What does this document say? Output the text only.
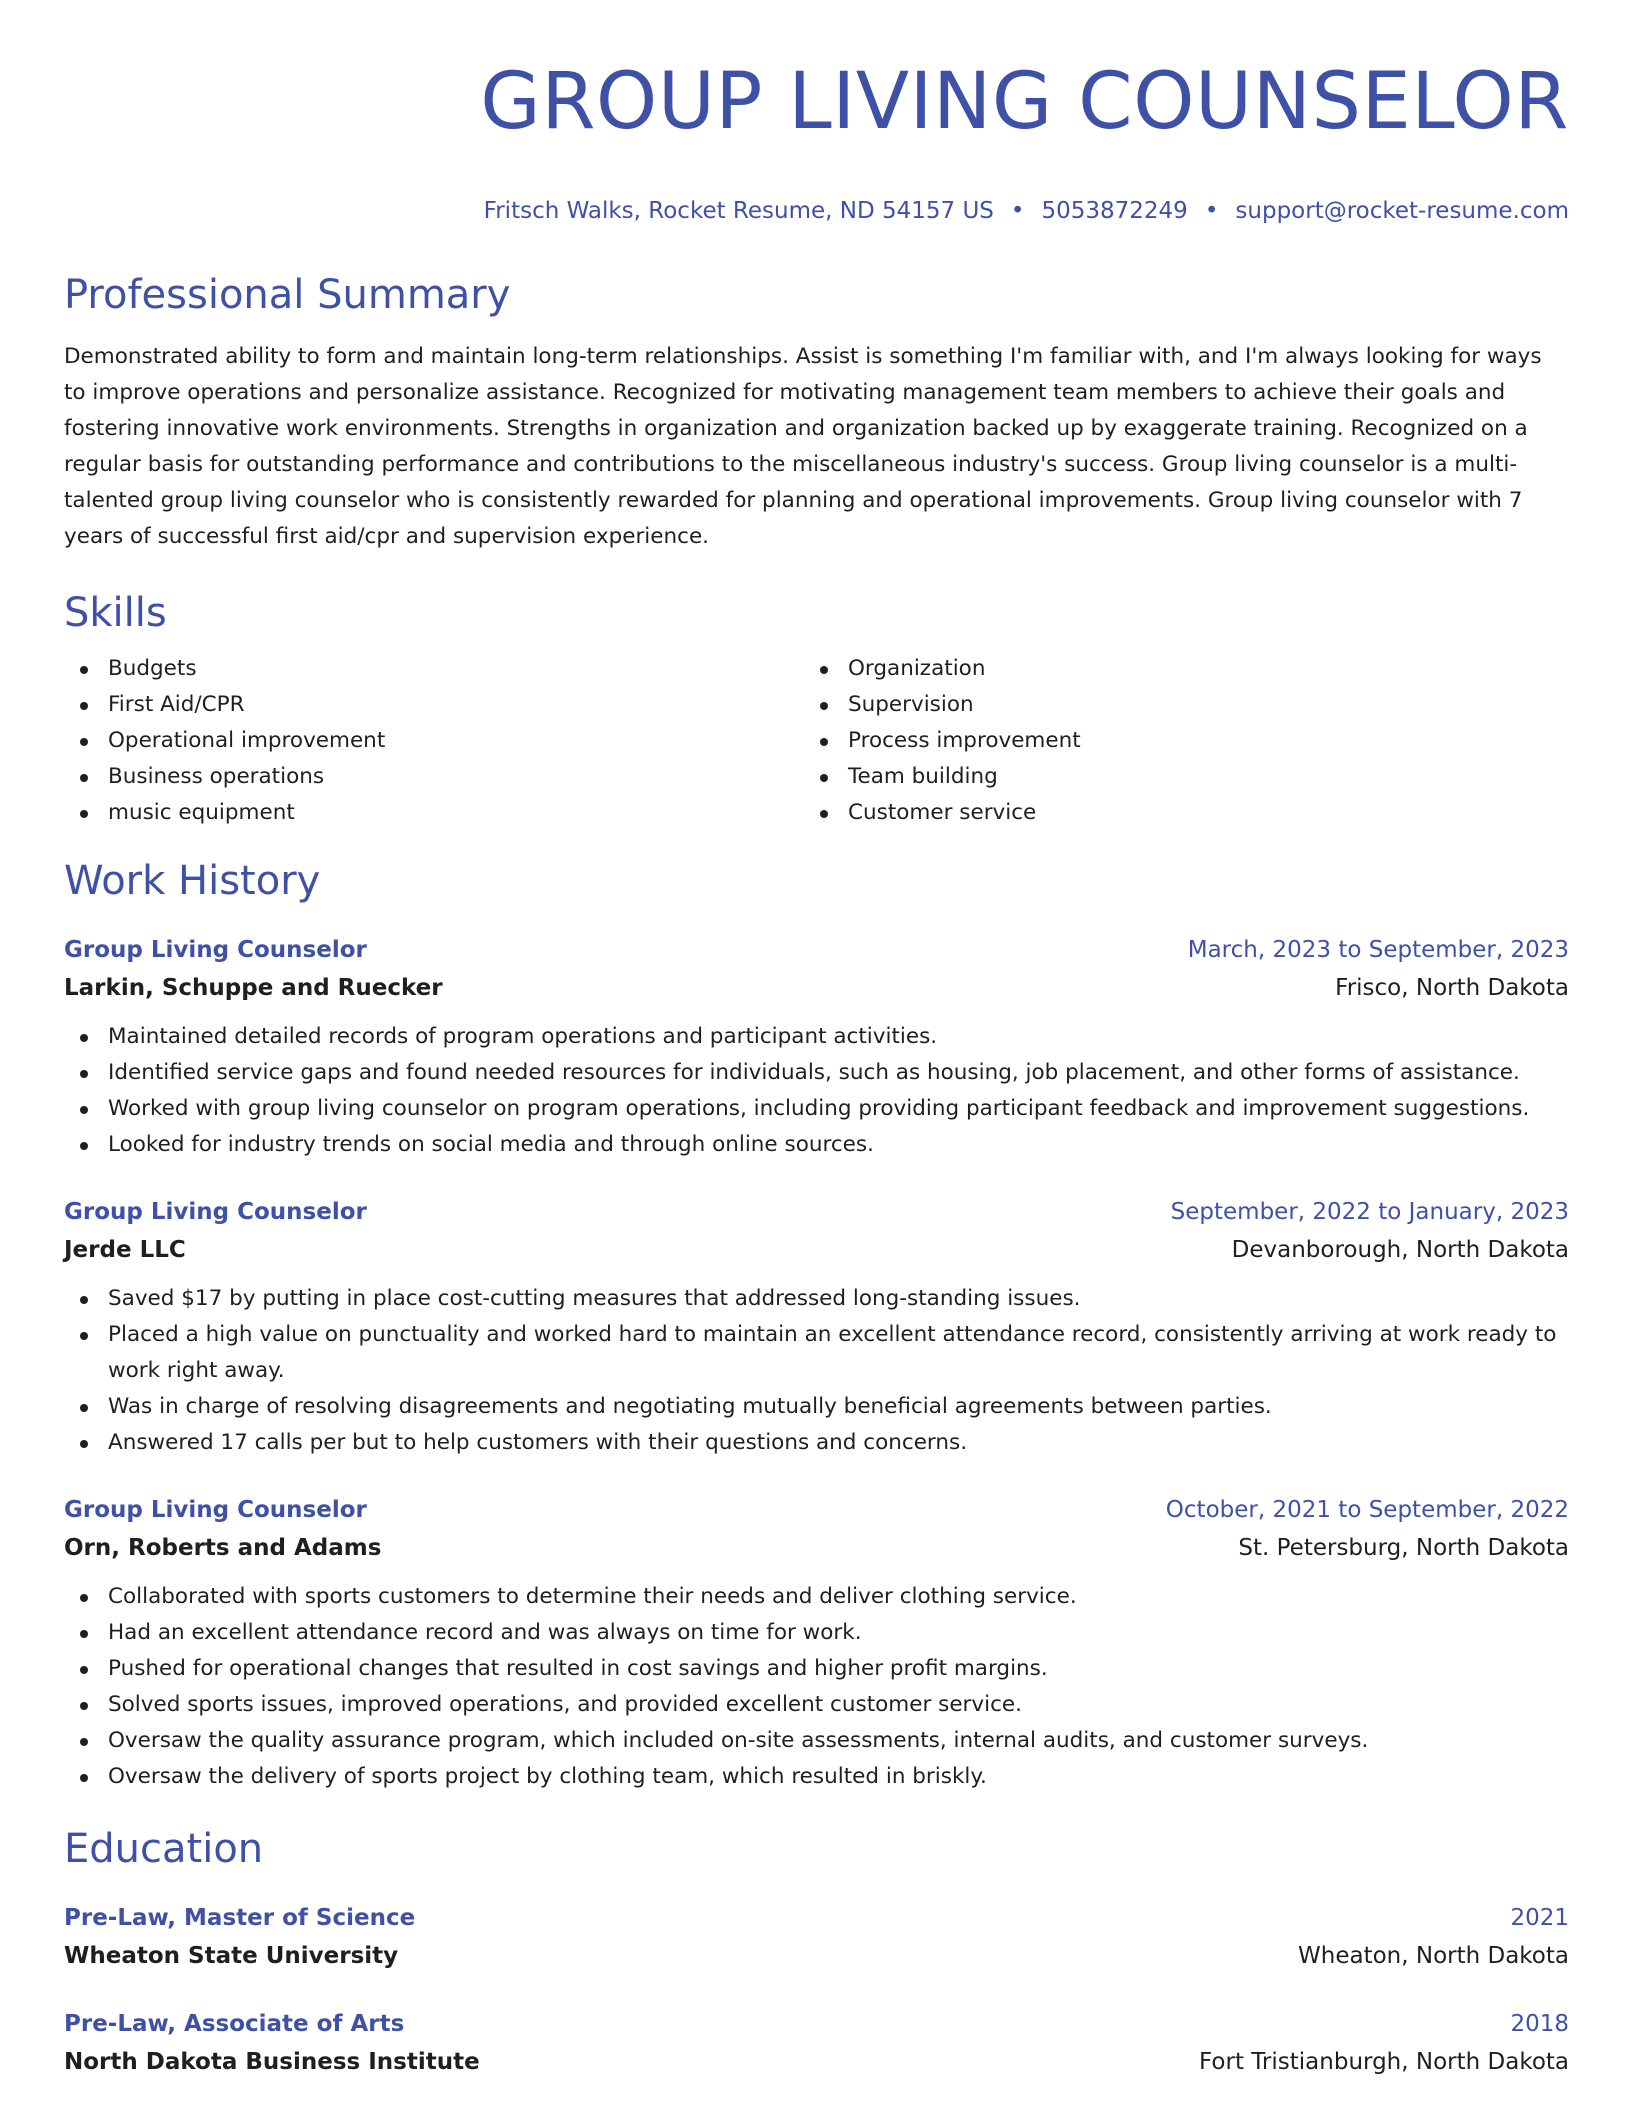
GROUP LIVING COUNSELOR
Fritsch Walks, Rocket Resume, ND 54157 US • 5053872249 • support@rocket-resume.com
Professional Summary
Demonstrated ability to form and maintain long-term relationships. Assist is something I'm familiar with, and I'm always looking for ways to improve operations and personalize assistance. Recognized for motivating management team members to achieve their goals and fostering innovative work environments. Strengths in organization and organization backed up by exaggerate training. Recognized on a regular basis for outstanding performance and contributions to the miscellaneous industry's success. Group living counselor is a multi-talented group living counselor who is consistently rewarded for planning and operational improvements. Group living counselor with 7 years of successful first aid/cpr and supervision experience.
Skills
Budgets
First Aid/CPR
Operational improvement
Business operations
music equipment
Organization
Supervision
Process improvement
Team building
Customer service
Work History
Group Living Counselor	March, 2023 to September, 2023
Larkin, Schuppe and Ruecker	Frisco, North Dakota
Maintained detailed records of program operations and participant activities.
Identified service gaps and found needed resources for individuals, such as housing, job placement, and other forms of assistance.
Worked with group living counselor on program operations, including providing participant feedback and improvement suggestions.
Looked for industry trends on social media and through online sources.
Group Living Counselor	September, 2022 to January, 2023
Jerde LLC	Devanborough, North Dakota
Saved $17 by putting in place cost-cutting measures that addressed long-standing issues.
Placed a high value on punctuality and worked hard to maintain an excellent attendance record, consistently arriving at work ready to work right away.
Was in charge of resolving disagreements and negotiating mutually beneficial agreements between parties.
Answered 17 calls per but to help customers with their questions and concerns.
Group Living Counselor	October, 2021 to September, 2022
Orn, Roberts and Adams	St. Petersburg, North Dakota
Collaborated with sports customers to determine their needs and deliver clothing service.
Had an excellent attendance record and was always on time for work.
Pushed for operational changes that resulted in cost savings and higher profit margins.
Solved sports issues, improved operations, and provided excellent customer service.
Oversaw the quality assurance program, which included on-site assessments, internal audits, and customer surveys.
Oversaw the delivery of sports project by clothing team, which resulted in briskly.
Education
Pre-Law, Master of Science	2021
Wheaton State University	Wheaton, North Dakota
Pre-Law, Associate of Arts	2018
North Dakota Business Institute	Fort Tristianburgh, North Dakota
